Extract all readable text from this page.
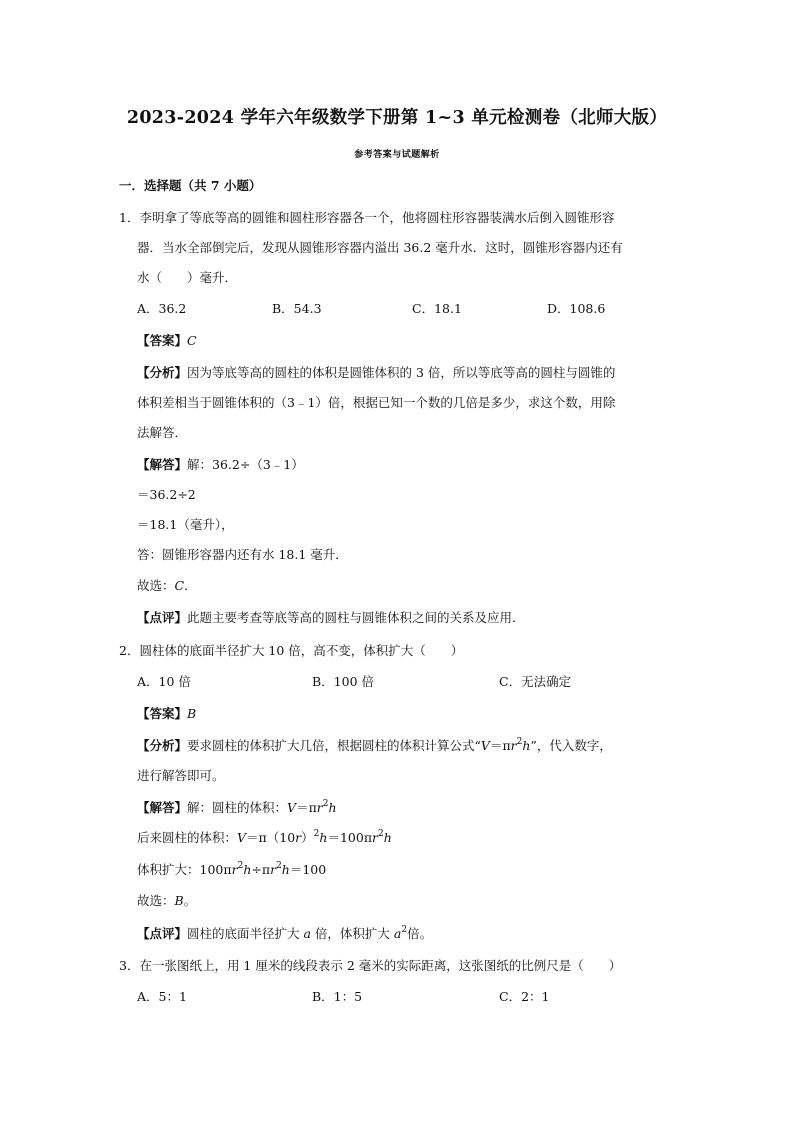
2023-2024 学年六年级数学下册第 1~3 单元检测卷（北师大版）
参考答案与试题解析
一．选择题（共 7 小题）
1．李明拿了等底等高的圆锥和圆柱形容器各一个，他将圆柱形容器装满水后倒入圆锥形容
器．当水全部倒完后，发现从圆锥形容器内溢出 36.2 毫升水．这时，圆锥形容器内还有
水（　　）毫升．
A．36.2	B．54.3	C．18.1	D．108.6
【答案】C
【分析】因为等底等高的圆柱的体积是圆锥体积的 3 倍，所以等底等高的圆柱与圆锥的
体积差相当于圆锥体积的（3﹣1）倍，根据已知一个数的几倍是多少，求这个数，用除
法解答．
【解答】解：36.2÷（3﹣1）
＝36.2÷2
＝18.1（毫升），
答：圆锥形容器内还有水 18.1 毫升．
故选：C．
【点评】此题主要考查等底等高的圆柱与圆锥体积之间的关系及应用．
2．圆柱体的底面半径扩大 10 倍，高不变，体积扩大（　　）
A．10 倍	B．100 倍	C．无法确定
【答案】B
【分析】要求圆柱的体积扩大几倍，根据圆柱的体积计算公式“$V=\pi r^2h$”，代入数字，
进行解答即可。
【解答】解：圆柱的体积：$V=\pi r^2h$
后来圆柱的体积：$V=\pi(10r)^2h=100\pi r^2h$
体积扩大：$100\pi r^2h\div\pi r^2h=100$
故选：B。
【点评】圆柱的底面半径扩大 a 倍，体积扩大 $a^2$倍。
3．在一张图纸上，用 1 厘米的线段表示 2 毫米的实际距离，这张图纸的比例尺是（　　）
A．5：1	B．1：5	C．2：1
